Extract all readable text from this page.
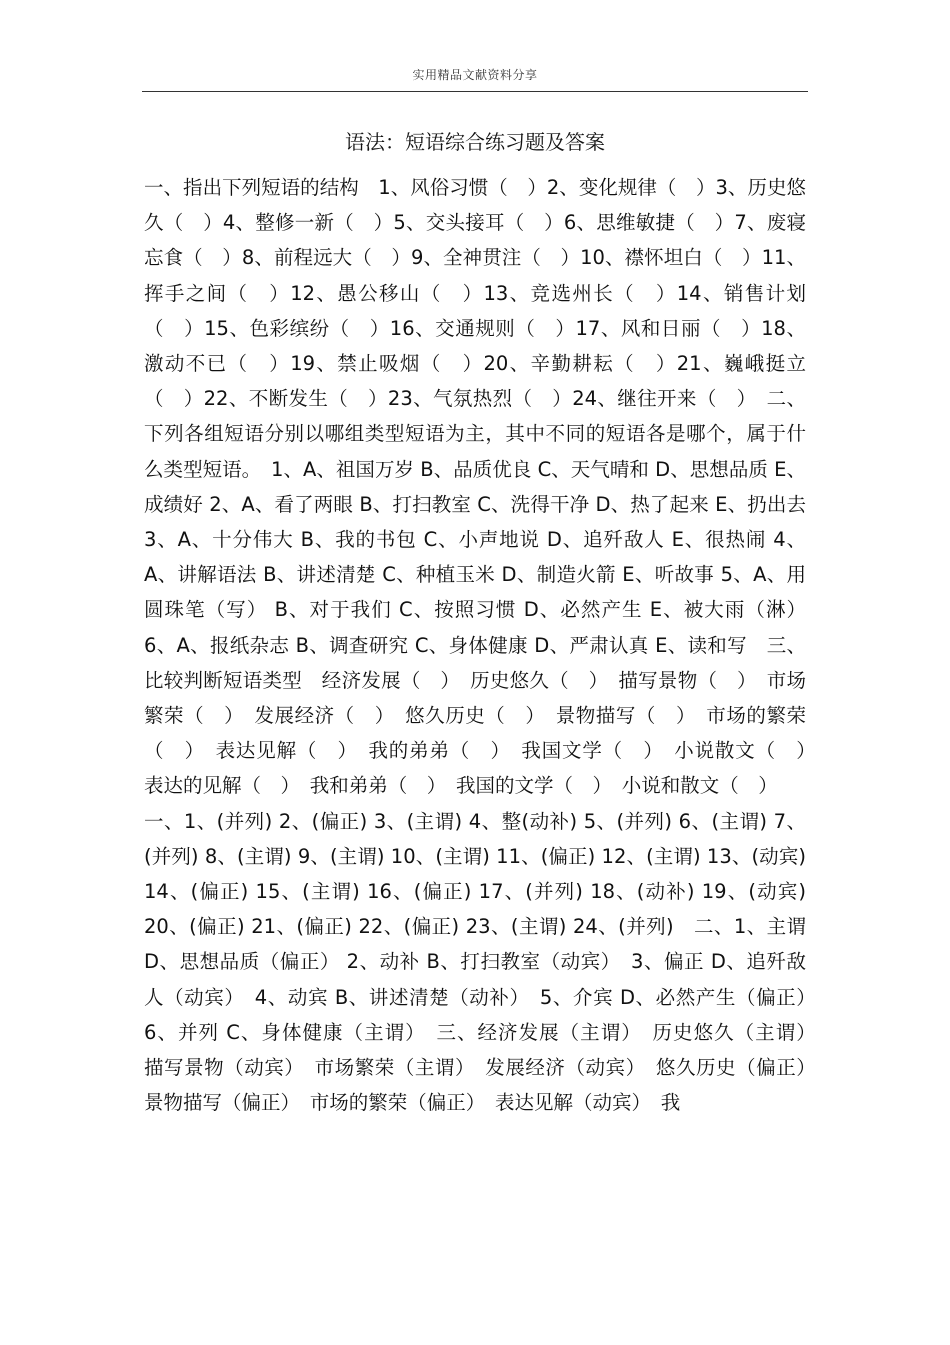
实用精品文献资料分享
语法：短语综合练习题及答案

一、指出下列短语的结构　1、风俗习惯（　）2、变化规律（　）3、历史悠久（　）4、整修一新（　）5、交头接耳（　）6、思维敏捷（　）7、废寝忘食（　）8、前程远大（　）9、全神贯注（　）10、襟怀坦白（　）11、挥手之间（　）12、愚公移山（　）13、竞选州长（　）14、销售计划（　）15、色彩缤纷（　）16、交通规则（　）17、风和日丽（　）18、激动不已（　）19、禁止吸烟（　）20、辛勤耕耘（　）21、巍峨挺立（　）22、不断发生（　）23、气氛热烈（　）24、继往开来（　）　二、下列各组短语分别以哪组类型短语为主，其中不同的短语各是哪个，属于什么类型短语。　1、A、祖国万岁 B、品质优良 C、天气晴和 D、思想品质 E、成绩好 2、A、看了两眼 B、打扫教室 C、洗得干净 D、热了起来 E、扔出去 3、A、十分伟大 B、我的书包 C、小声地说 D、追歼敌人 E、很热闹 4、A、讲解语法 B、讲述清楚 C、种植玉米 D、制造火箭 E、听故事 5、A、用圆珠笔（写） B、对于我们 C、按照习惯 D、必然产生 E、被大雨（淋） 6、A、报纸杂志 B、调查研究 C、身体健康 D、严肃认真 E、读和写　三、比较判断短语类型　经济发展（　）　历史悠久（　）　描写景物（　）　市场繁荣（　）　发展经济（　）　悠久历史（　）　景物描写（　）　市场的繁荣（　）　表达见解（　）　我的弟弟（　）　我国文学（　）　小说散文（　）　表达的见解（　）　我和弟弟（　）　我国的文学（　）　小说和散文（　）

一、1、(并列) 2、(偏正) 3、(主谓) 4、整(动补) 5、(并列) 6、(主谓) 7、(并列) 8、(主谓) 9、(主谓) 10、(主谓) 11、(偏正) 12、(主谓) 13、(动宾) 14、(偏正) 15、(主谓) 16、(偏正) 17、(并列) 18、(动补) 19、(动宾) 20、(偏正) 21、(偏正) 22、(偏正) 23、(主谓) 24、(并列)　二、1、主谓 D、思想品质（偏正） 2、动补 B、打扫教室（动宾）　3、偏正 D、追歼敌人（动宾）　4、动宾 B、讲述清楚（动补）　5、介宾 D、必然产生（偏正）　6、并列 C、身体健康（主谓）　三、经济发展（主谓）　历史悠久（主谓）　描写景物（动宾）　市场繁荣（主谓）　发展经济（动宾）　悠久历史（偏正）　景物描写（偏正）　市场的繁荣（偏正）　表达见解（动宾）　我
